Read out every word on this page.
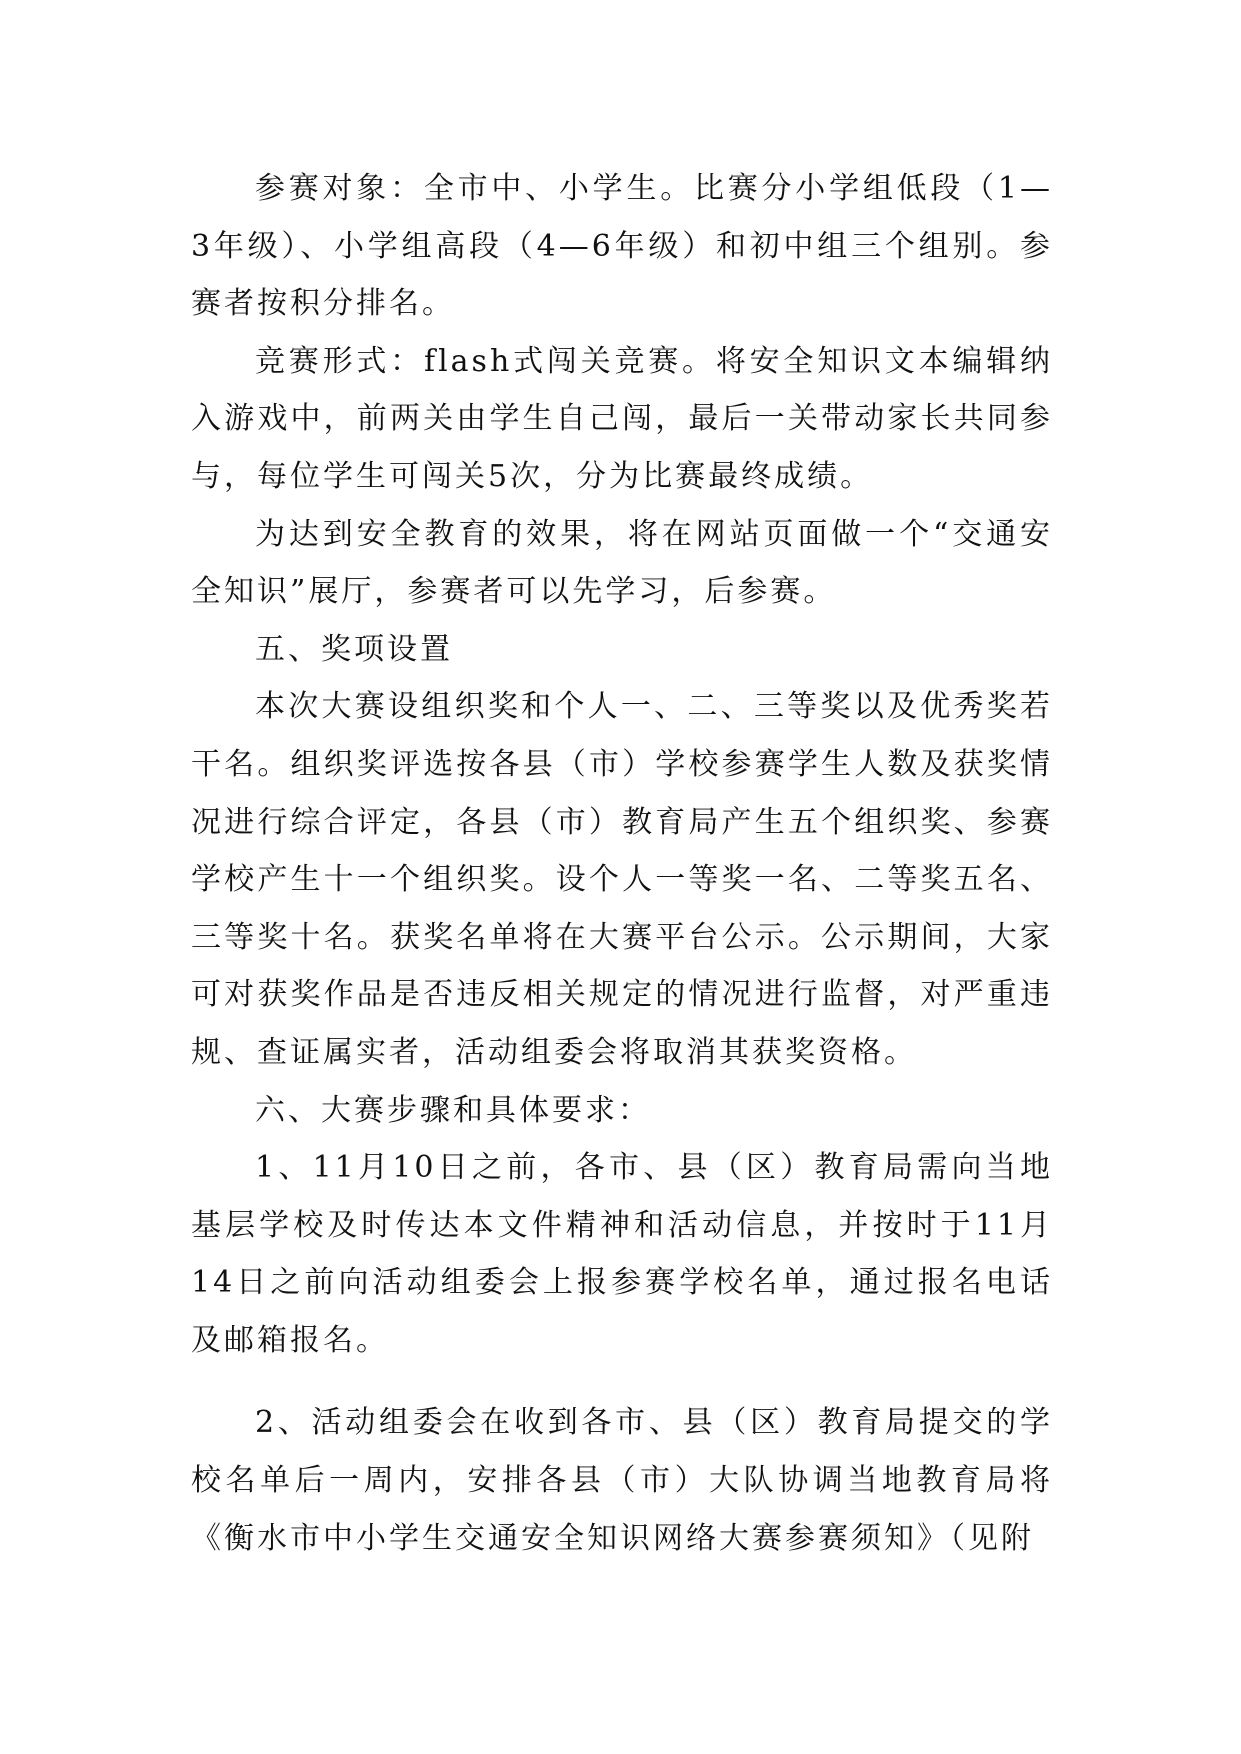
参赛对象：全市中、小学生。比赛分小学组低段（1—3年级）、小学组高段（4—6年级）和初中组三个组别。参赛者按积分排名。

竞赛形式：flash式闯关竞赛。将安全知识文本编辑纳入游戏中，前两关由学生自己闯，最后一关带动家长共同参与，每位学生可闯关5次，分为比赛最终成绩。

为达到安全教育的效果，将在网站页面做一个“交通安全知识”展厅，参赛者可以先学习，后参赛。

五、奖项设置

本次大赛设组织奖和个人一、二、三等奖以及优秀奖若干名。组织奖评选按各县（市）学校参赛学生人数及获奖情况进行综合评定，各县（市）教育局产生五个组织奖、参赛学校产生十一个组织奖。设个人一等奖一名、二等奖五名、三等奖十名。获奖名单将在大赛平台公示。公示期间，大家可对获奖作品是否违反相关规定的情况进行监督，对严重违规、查证属实者，活动组委会将取消其获奖资格。

六、大赛步骤和具体要求：

1、11月10日之前，各市、县（区）教育局需向当地基层学校及时传达本文件精神和活动信息，并按时于11月14日之前向活动组委会上报参赛学校名单，通过报名电话及邮箱报名。

2、活动组委会在收到各市、县（区）教育局提交的学校名单后一周内，安排各县（市）大队协调当地教育局将《衡水市中小学生交通安全知识网络大赛参赛须知》（见附
